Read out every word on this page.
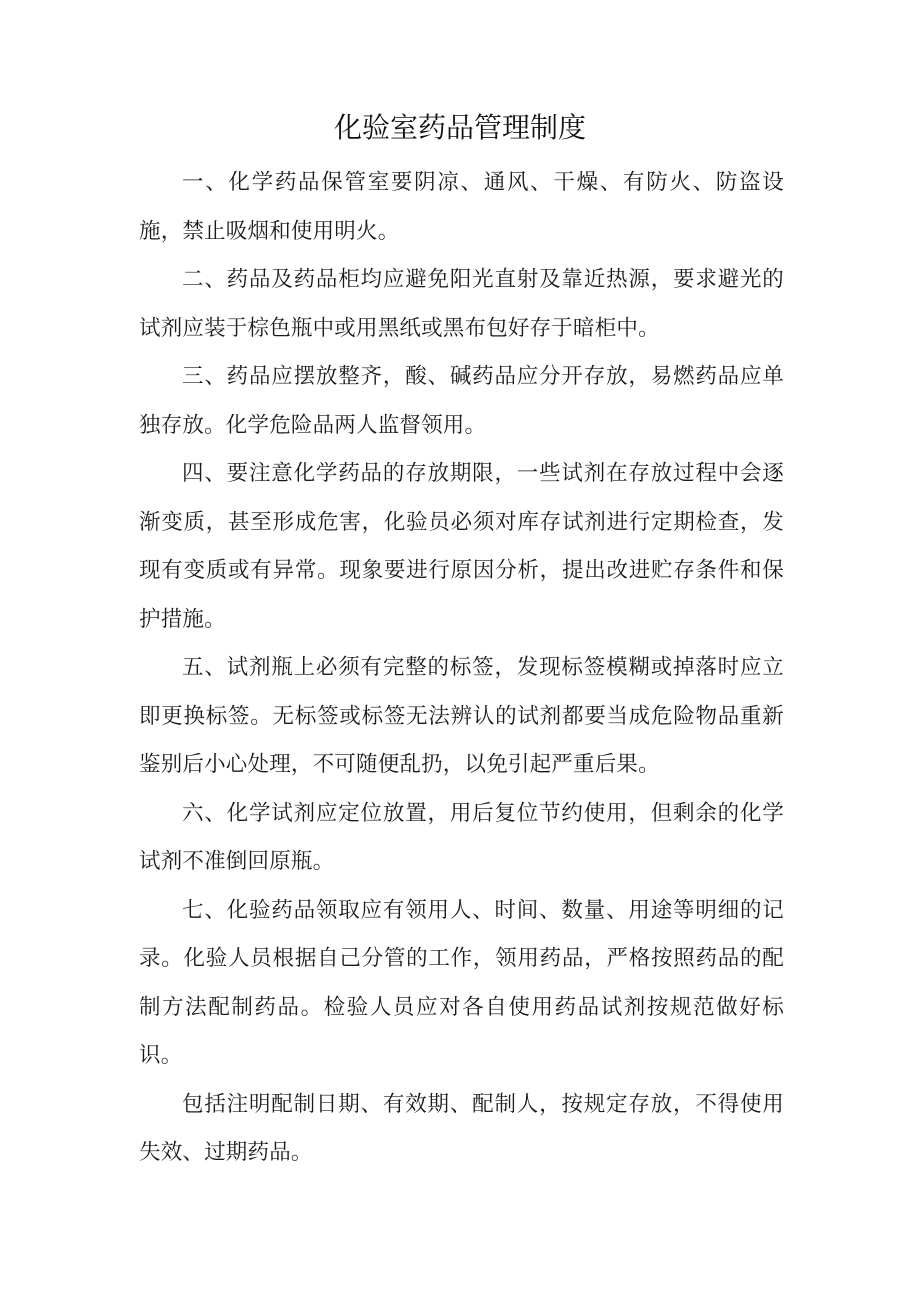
化验室药品管理制度

一、化学药品保管室要阴凉、通风、干燥、有防火、防盗设施，禁止吸烟和使用明火。

二、药品及药品柜均应避免阳光直射及靠近热源，要求避光的试剂应装于棕色瓶中或用黑纸或黑布包好存于暗柜中。

三、药品应摆放整齐，酸、碱药品应分开存放，易燃药品应单独存放。化学危险品两人监督领用。

四、要注意化学药品的存放期限，一些试剂在存放过程中会逐渐变质，甚至形成危害，化验员必须对库存试剂进行定期检查，发现有变质或有异常。现象要进行原因分析，提出改进贮存条件和保护措施。

五、试剂瓶上必须有完整的标签，发现标签模糊或掉落时应立即更换标签。无标签或标签无法辨认的试剂都要当成危险物品重新鉴别后小心处理，不可随便乱扔，以免引起严重后果。

六、化学试剂应定位放置，用后复位节约使用，但剩余的化学试剂不准倒回原瓶。

七、化验药品领取应有领用人、时间、数量、用途等明细的记录。化验人员根据自己分管的工作，领用药品，严格按照药品的配制方法配制药品。检验人员应对各自使用药品试剂按规范做好标识。

包括注明配制日期、有效期、配制人，按规定存放，不得使用失效、过期药品。
